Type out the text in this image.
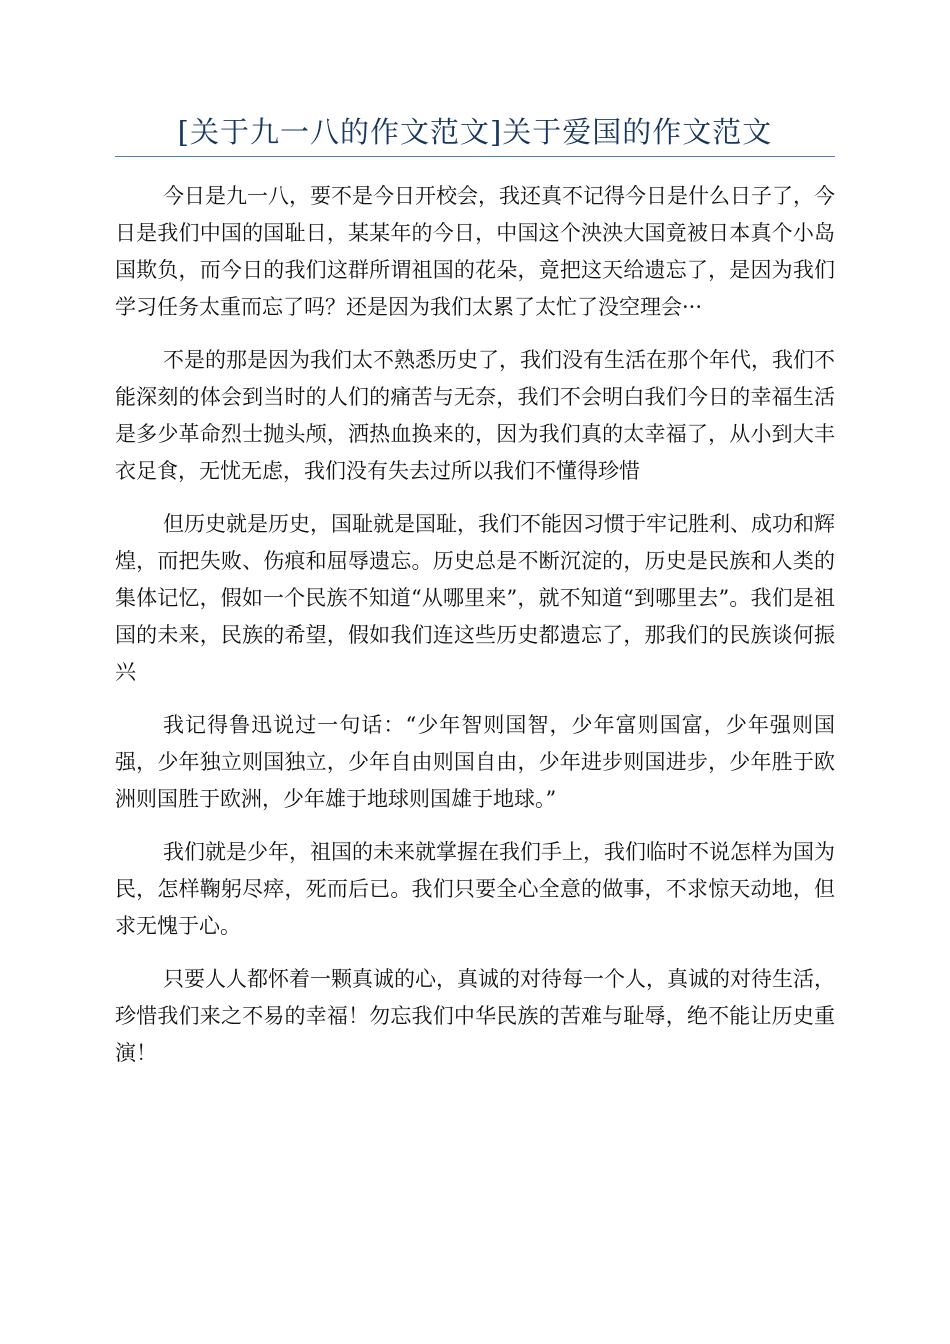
[关于九一八的作文范文]关于爱国的作文范文

今日是九一八，要不是今日开校会，我还真不记得今日是什么日子了，今日是我们中国的国耻日，某某年的今日，中国这个泱泱大国竟被日本真个小岛国欺负，而今日的我们这群所谓祖国的花朵，竟把这天给遗忘了，是因为我们学习任务太重而忘了吗？还是因为我们太累了太忙了没空理会···

不是的那是因为我们太不熟悉历史了，我们没有生活在那个年代，我们不能深刻的体会到当时的人们的痛苦与无奈，我们不会明白我们今日的幸福生活是多少革命烈士抛头颅，洒热血换来的，因为我们真的太幸福了，从小到大丰衣足食，无忧无虑，我们没有失去过所以我们不懂得珍惜

但历史就是历史，国耻就是国耻，我们不能因习惯于牢记胜利、成功和辉煌，而把失败、伤痕和屈辱遗忘。历史总是不断沉淀的，历史是民族和人类的集体记忆，假如一个民族不知道“从哪里来”，就不知道“到哪里去”。我们是祖国的未来，民族的希望，假如我们连这些历史都遗忘了，那我们的民族谈何振兴

我记得鲁迅说过一句话：“少年智则国智，少年富则国富，少年强则国强，少年独立则国独立，少年自由则国自由，少年进步则国进步，少年胜于欧洲则国胜于欧洲，少年雄于地球则国雄于地球。”

我们就是少年，祖国的未来就掌握在我们手上，我们临时不说怎样为国为民，怎样鞠躬尽瘁，死而后已。我们只要全心全意的做事，不求惊天动地，但求无愧于心。

只要人人都怀着一颗真诚的心，真诚的对待每一个人，真诚的对待生活，珍惜我们来之不易的幸福！勿忘我们中华民族的苦难与耻辱，绝不能让历史重演！
